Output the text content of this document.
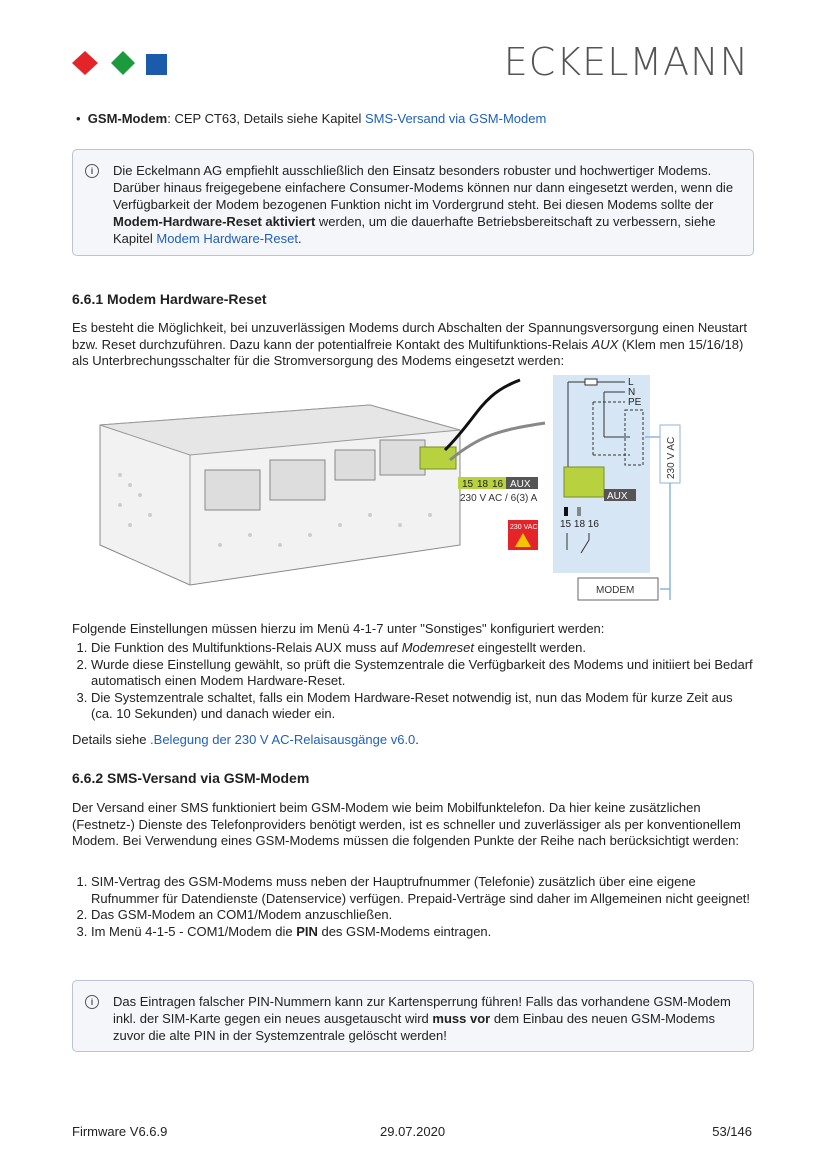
ECKELMANN
•  GSM-Modem: CEP CT63, Details siehe Kapitel SMS-Versand via GSM-Modem
i	Die Eckelmann AG empfiehlt ausschließlich den Einsatz besonders robuster und hochwertiger Modems. Darüber hinaus freigegebene einfachere Consumer-Modems können nur dann eingesetzt werden, wenn die Verfügbarkeit der Modem bezogenen Funktion nicht im Vordergrund steht. Bei diesen Modems sollte der Modem-Hardware-Reset aktiviert werden, um die dauerhafte Betriebsbereitschaft zu verbessern, siehe Kapitel Modem Hardware-Reset.
6.6.1 Modem Hardware-Reset
Es besteht die Möglichkeit, bei unzuverlässigen Modems durch Abschalten der Spannungsversorgung einen Neustart bzw. Reset durchzuführen. Dazu kann der potentialfreie Kontakt des Multifunktions-Relais AUX (Klem men 15/16/18) als Unterbrechungsschalter für die Stromversorgung des Modems eingesetzt werden:
15 18 16 AUX
230 V AC / 6(3) A
230 VAC
L
N
PE
230 V AC
AUX
15 18 16
MODEM
Folgende Einstellungen müssen hierzu im Menü 4-1-7 unter "Sonstiges" konfiguriert werden:
1. Die Funktion des Multifunktions-Relais AUX muss auf Modemreset eingestellt werden.
2. Wurde diese Einstellung gewählt, so prüft die Systemzentrale die Verfügbarkeit des Modems und initiiert bei Bedarf automatisch einen Modem Hardware-Reset.
3. Die Systemzentrale schaltet, falls ein Modem Hardware-Reset notwendig ist, nun das Modem für kurze Zeit aus (ca. 10 Sekunden) und danach wieder ein.
Details siehe .Belegung der 230 V AC-Relaisausgänge v6.0.
6.6.2 SMS-Versand via GSM-Modem
Der Versand einer SMS funktioniert beim GSM-Modem wie beim Mobilfunktelefon. Da hier keine zusätzlichen (Festnetz-) Dienste des Telefonproviders benötigt werden, ist es schneller und zuverlässiger als per konventionellem Modem. Bei Verwendung eines GSM-Modems müssen die folgenden Punkte der Reihe nach berücksichtigt werden:
1. SIM-Vertrag des GSM-Modems muss neben der Hauptrufnummer (Telefonie) zusätzlich über eine eigene Rufnummer für Datendienste (Datenservice) verfügen. Prepaid-Verträge sind daher im Allgemeinen nicht geeignet!
2. Das GSM-Modem an COM1/Modem anzuschließen.
3. Im Menü 4-1-5 - COM1/Modem die PIN des GSM-Modems eintragen.
i	Das Eintragen falscher PIN-Nummern kann zur Kartensperrung führen! Falls das vorhandene GSM-Modem inkl. der SIM-Karte gegen ein neues ausgetauscht wird muss vor dem Einbau des neuen GSM-Modems zuvor die alte PIN in der Systemzentrale gelöscht werden!
Firmware V6.6.9	29.07.2020	53/146
